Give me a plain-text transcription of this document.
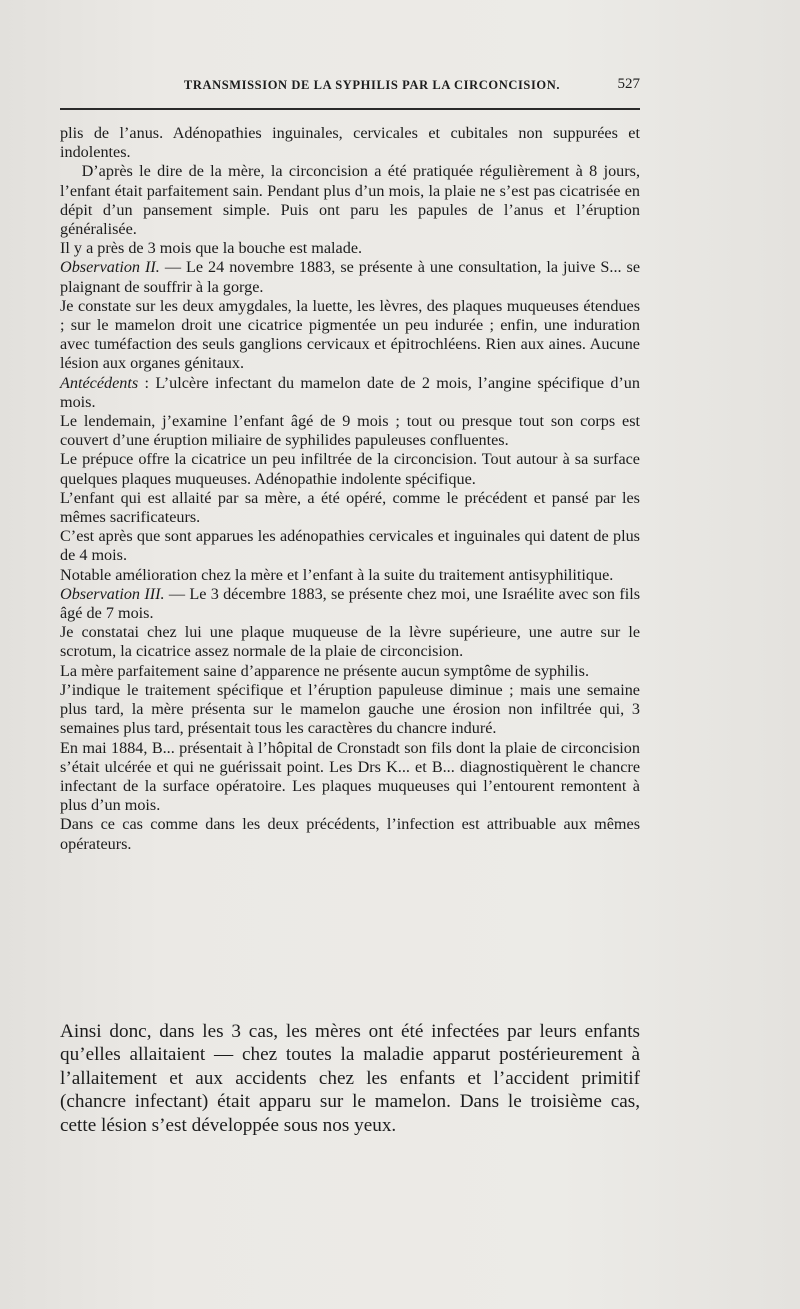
TRANSMISSION DE LA SYPHILIS PAR LA CIRCONCISION.	527

plis de l’anus. Adénopathies inguinales, cervicales et cubitales non suppurées et indolentes.

  D’après le dire de la mère, la circoncision a été pratiquée régulièrement à 8 jours, l’enfant était parfaitement sain. Pendant plus d’un mois, la plaie ne s’est pas cicatrisée en dépit d’un pansement simple. Puis ont paru les papules de l’anus et l’éruption généralisée.

Il y a près de 3 mois que la bouche est malade.

Observation II. — Le 24 novembre 1883, se présente à une consultation, la juive S... se plaignant de souffrir à la gorge.

Je constate sur les deux amygdales, la luette, les lèvres, des plaques muqueuses étendues ; sur le mamelon droit une cicatrice pigmentée un peu indurée ; enfin, une induration avec tuméfaction des seuls ganglions cervicaux et épitrochléens. Rien aux aines. Aucune lésion aux organes génitaux.

Antécédents : L’ulcère infectant du mamelon date de 2 mois, l’angine spécifique d’un mois.

Le lendemain, j’examine l’enfant âgé de 9 mois ; tout ou presque tout son corps est couvert d’une éruption miliaire de syphilides papuleuses confluentes.

Le prépuce offre la cicatrice un peu infiltrée de la circoncision. Tout autour à sa surface quelques plaques muqueuses. Adénopathie indolente spécifique.

L’enfant qui est allaité par sa mère, a été opéré, comme le précédent et pansé par les mêmes sacrificateurs.

C’est après que sont apparues les adénopathies cervicales et inguinales qui datent de plus de 4 mois.

Notable amélioration chez la mère et l’enfant à la suite du traitement antisyphilitique.

Observation III. — Le 3 décembre 1883, se présente chez moi, une Israélite avec son fils âgé de 7 mois.

Je constatai chez lui une plaque muqueuse de la lèvre supérieure, une autre sur le scrotum, la cicatrice assez normale de la plaie de circoncision.

La mère parfaitement saine d’apparence ne présente aucun symptôme de syphilis.

J’indique le traitement spécifique et l’éruption papuleuse diminue ; mais une semaine plus tard, la mère présenta sur le mamelon gauche une érosion non infiltrée qui, 3 semaines plus tard, présentait tous les caractères du chancre induré.

En mai 1884, B... présentait à l’hôpital de Cronstadt son fils dont la plaie de circoncision s’était ulcérée et qui ne guérissait point. Les Drs K... et B... diagnostiquèrent le chancre infectant de la surface opératoire. Les plaques muqueuses qui l’entourent remontent à plus d’un mois.

Dans ce cas comme dans les deux précédents, l’infection est attribuable aux mêmes opérateurs.

Ainsi donc, dans les 3 cas, les mères ont été infectées par leurs enfants qu’elles allaitaient — chez toutes la maladie apparut postérieurement à l’allaitement et aux accidents chez les enfants et l’accident primitif (chancre infectant) était apparu sur le mamelon. Dans le troisième cas, cette lésion s’est développée sous nos yeux.
